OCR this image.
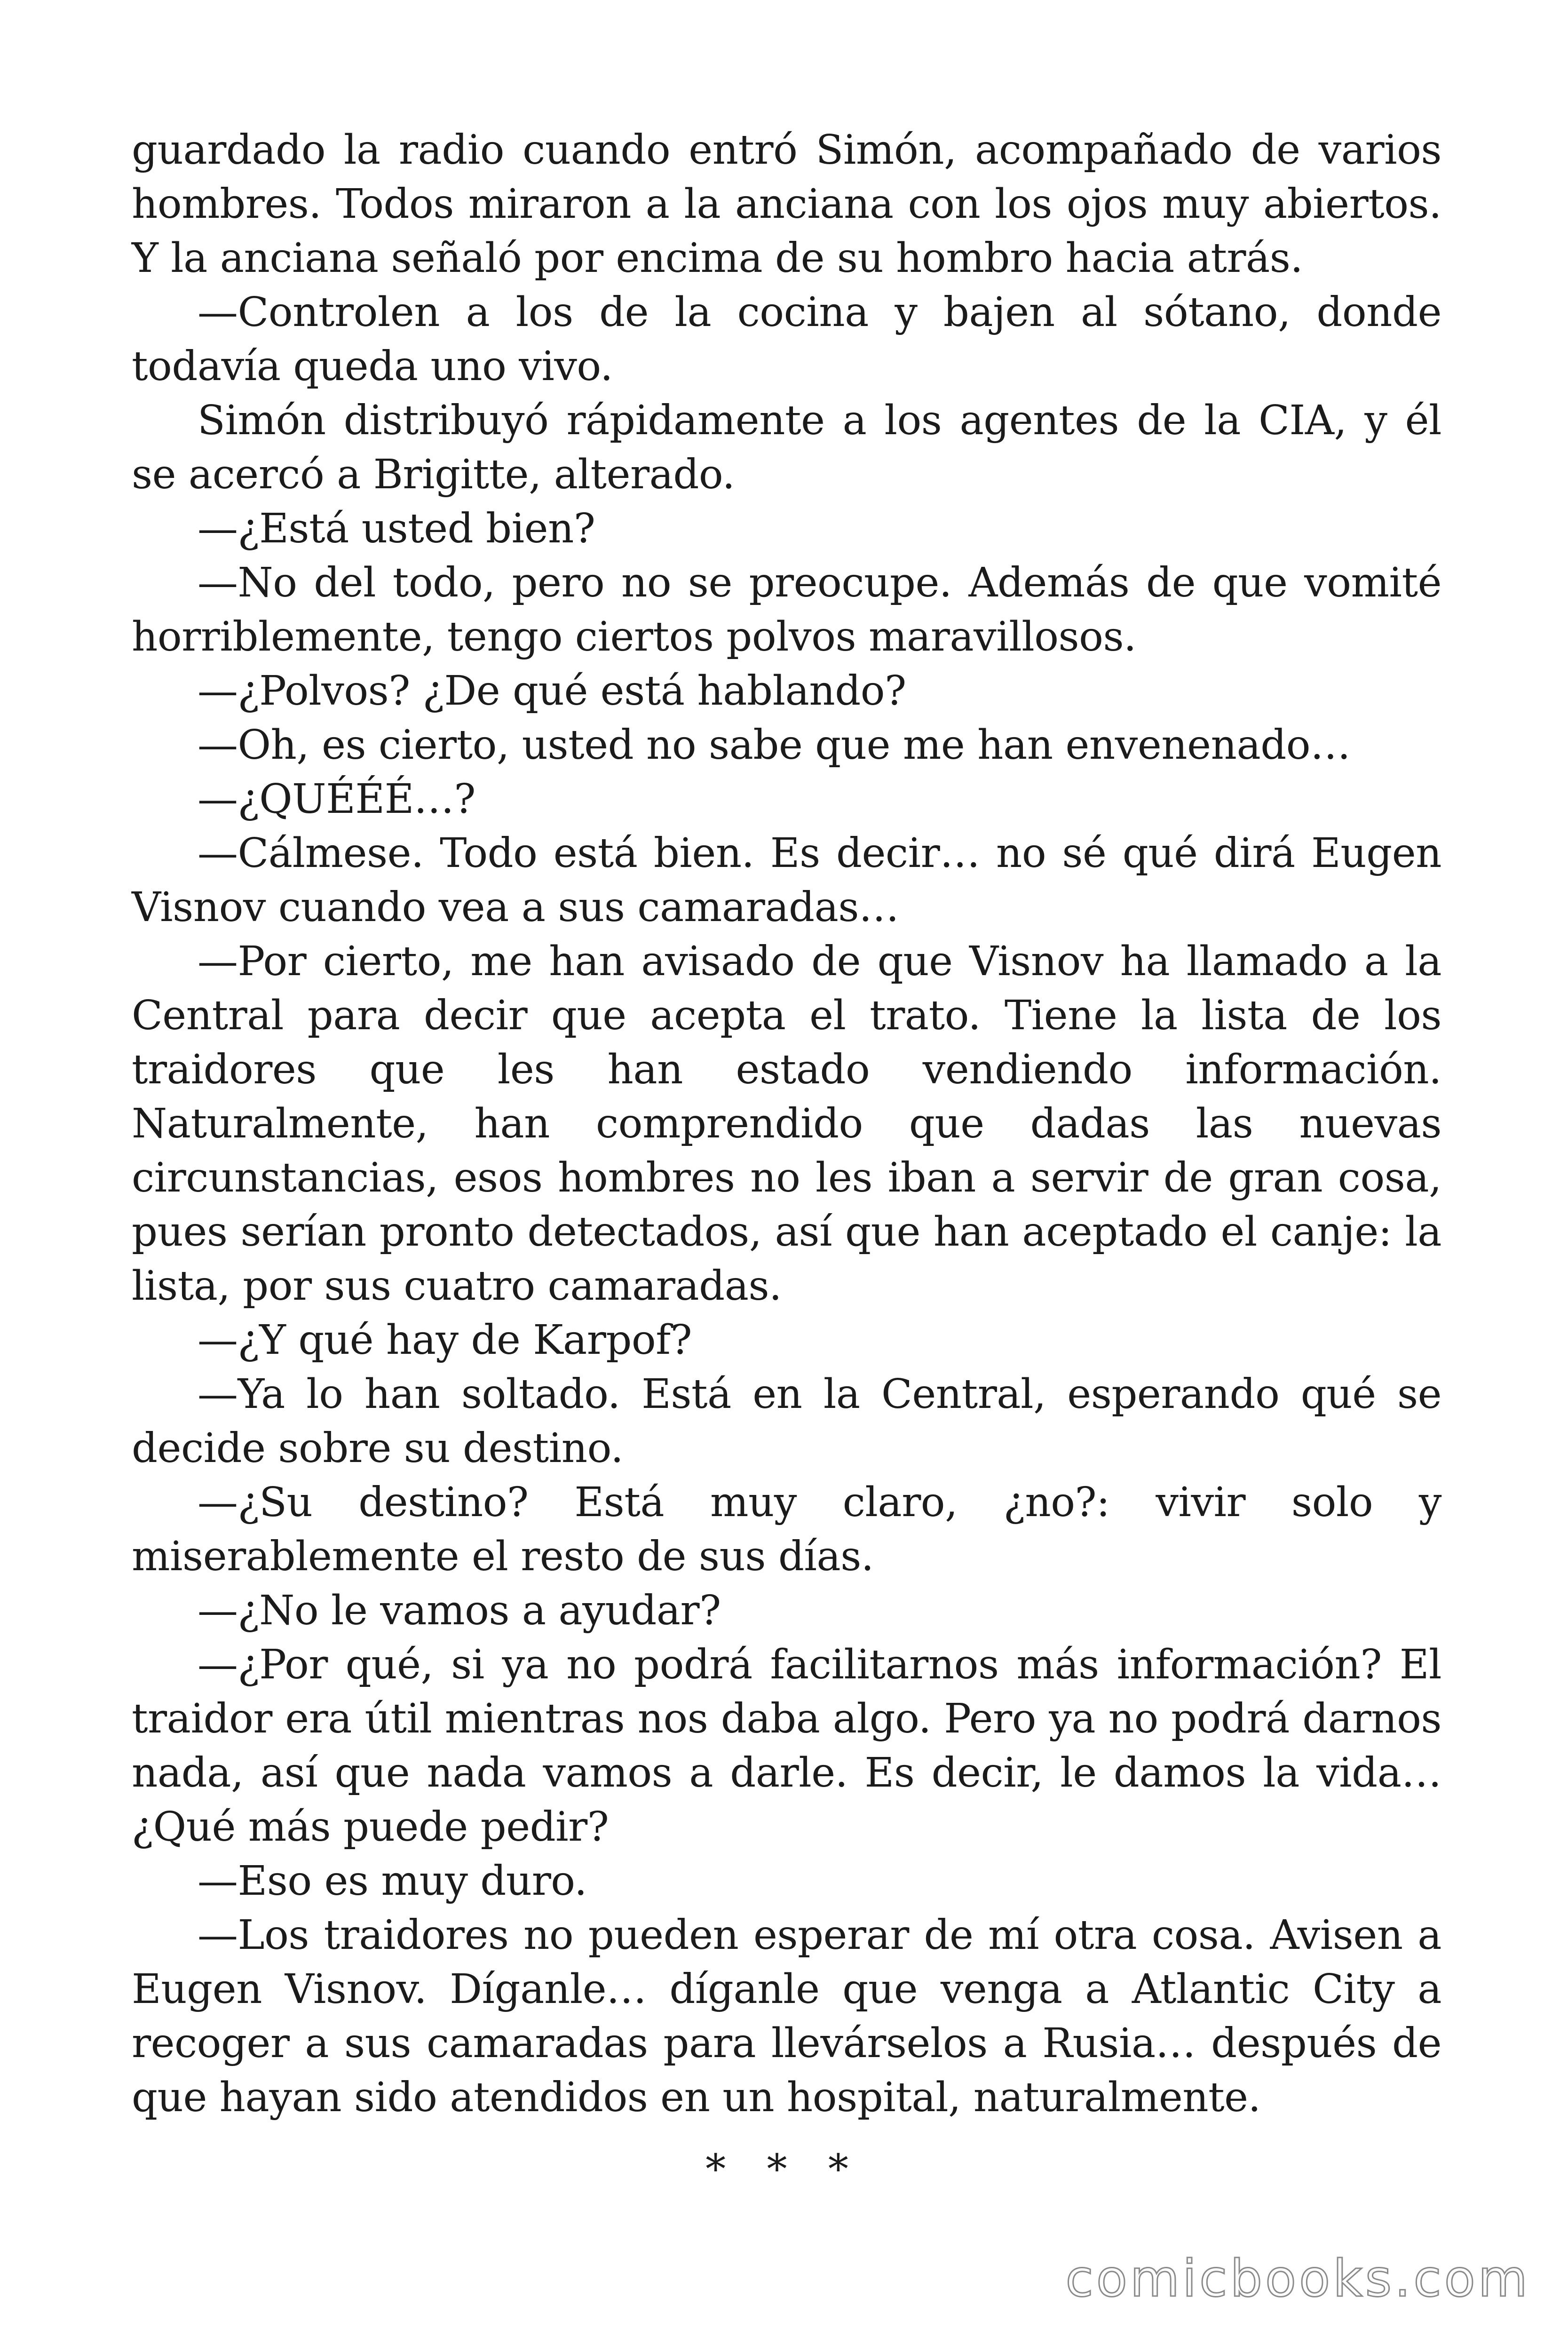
guardado la radio cuando entró Simón, acompañado de varios hombres. Todos miraron a la anciana con los ojos muy abiertos. Y la anciana señaló por encima de su hombro hacia atrás.

—Controlen a los de la cocina y bajen al sótano, donde todavía queda uno vivo.

Simón distribuyó rápidamente a los agentes de la CIA, y él se acercó a Brigitte, alterado.

—¿Está usted bien?

—No del todo, pero no se preocupe. Además de que vomité horriblemente, tengo ciertos polvos maravillosos.

—¿Polvos? ¿De qué está hablando?

—Oh, es cierto, usted no sabe que me han envenenado…

—¿QUÉÉÉ…?

—Cálmese. Todo está bien. Es decir… no sé qué dirá Eugen Visnov cuando vea a sus camaradas…

—Por cierto, me han avisado de que Visnov ha llamado a la Central para decir que acepta el trato. Tiene la lista de los traidores que les han estado vendiendo información. Naturalmente, han comprendido que dadas las nuevas circunstancias, esos hombres no les iban a servir de gran cosa, pues serían pronto detectados, así que han aceptado el canje: la lista, por sus cuatro camaradas.

—¿Y qué hay de Karpof?

—Ya lo han soltado. Está en la Central, esperando qué se decide sobre su destino.

—¿Su destino? Está muy claro, ¿no?: vivir solo y miserablemente el resto de sus días.

—¿No le vamos a ayudar?

—¿Por qué, si ya no podrá facilitarnos más información? El traidor era útil mientras nos daba algo. Pero ya no podrá darnos nada, así que nada vamos a darle. Es decir, le damos la vida… ¿Qué más puede pedir?

—Eso es muy duro.

—Los traidores no pueden esperar de mí otra cosa. Avisen a Eugen Visnov. Díganle… díganle que venga a Atlantic City a recoger a sus camaradas para llevárselos a Rusia… después de que hayan sido atendidos en un hospital, naturalmente.

* * *
comicbooks.com
